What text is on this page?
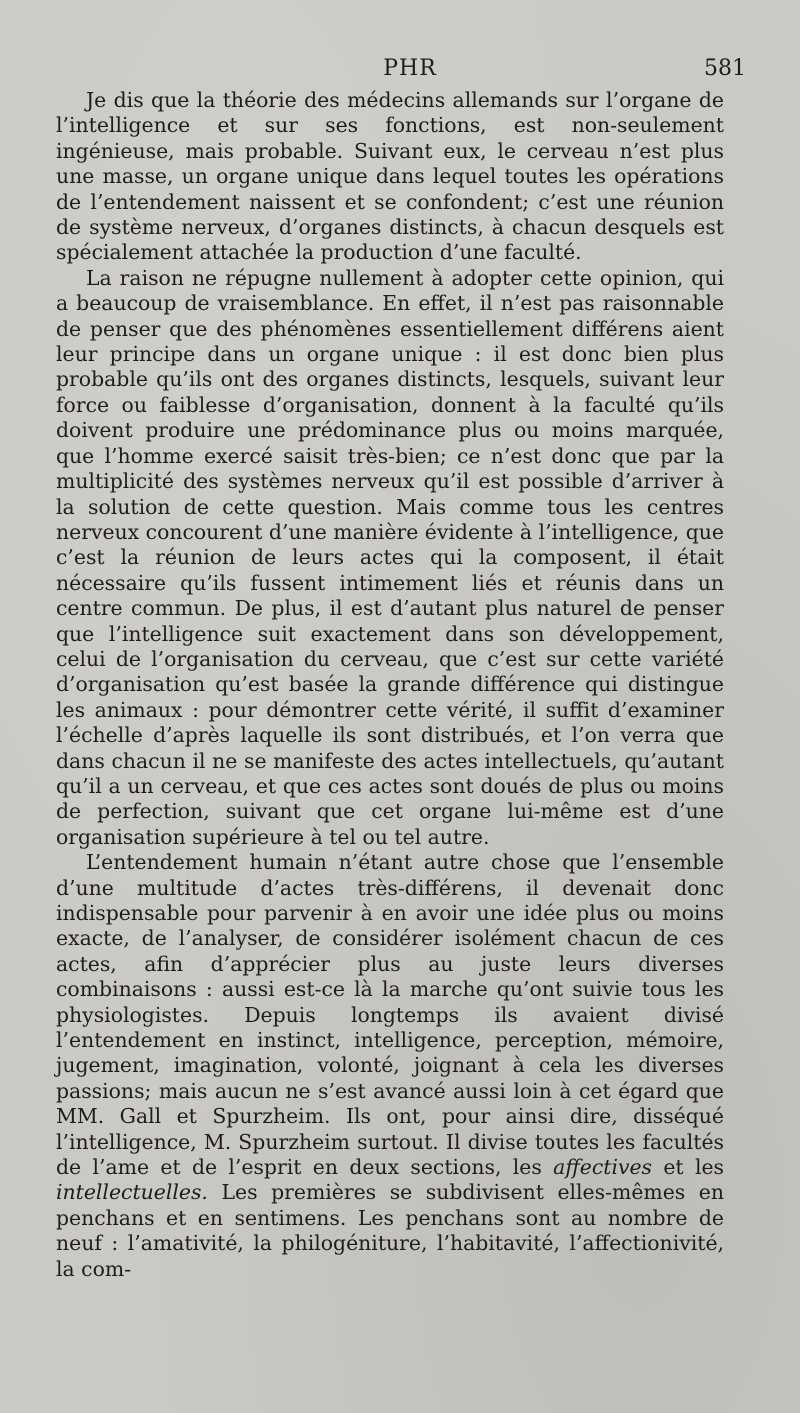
PHR	581

Je dis que la théorie des médecins allemands sur l’organe de l’intelligence et sur ses fonctions, est non-seulement ingénieuse, mais probable. Suivant eux, le cerveau n’est plus une masse, un organe unique dans lequel toutes les opérations de l’entendement naissent et se confondent; c’est une réunion de système nerveux, d’organes distincts, à chacun desquels est spécialement attachée la production d’une faculté.

La raison ne répugne nullement à adopter cette opinion, qui a beaucoup de vraisemblance. En effet, il n’est pas raisonnable de penser que des phénomènes essentiellement différens aient leur principe dans un organe unique : il est donc bien plus probable qu’ils ont des organes distincts, lesquels, suivant leur force ou faiblesse d’organisation, donnent à la faculté qu’ils doivent produire une prédominance plus ou moins marquée, que l’homme exercé saisit très-bien; ce n’est donc que par la multiplicité des systèmes nerveux qu’il est possible d’arriver à la solution de cette question. Mais comme tous les centres nerveux concourent d’une manière évidente à l’intelligence, que c’est la réunion de leurs actes qui la composent, il était nécessaire qu’ils fussent intimement liés et réunis dans un centre commun. De plus, il est d’autant plus naturel de penser que l’intelligence suit exactement dans son développement, celui de l’organisation du cerveau, que c’est sur cette variété d’organisation qu’est basée la grande différence qui distingue les animaux : pour démontrer cette vérité, il suffit d’examiner l’échelle d’après laquelle ils sont distribués, et l’on verra que dans chacun il ne se manifeste des actes intellectuels, qu’autant qu’il a un cerveau, et que ces actes sont doués de plus ou moins de perfection, suivant que cet organe lui-même est d’une organisation supérieure à tel ou tel autre.

L’entendement humain n’étant autre chose que l’ensemble d’une multitude d’actes très-différens, il devenait donc indispensable pour parvenir à en avoir une idée plus ou moins exacte, de l’analyser, de considérer isolément chacun de ces actes, afin d’apprécier plus au juste leurs diverses combinaisons : aussi est-ce là la marche qu’ont suivie tous les physiologistes. Depuis longtemps ils avaient divisé l’entendement en instinct, intelligence, perception, mémoire, jugement, imagination, volonté, joignant à cela les diverses passions; mais aucun ne s’est avancé aussi loin à cet égard que MM. Gall et Spurzheim. Ils ont, pour ainsi dire, disséqué l’intelligence, M. Spurzheim surtout. Il divise toutes les facultés de l’ame et de l’esprit en deux sections, les affectives et les intellectuelles. Les premières se subdivisent elles-mêmes en penchans et en sentimens. Les penchans sont au nombre de neuf : l’amativité, la philogéniture, l’habitavité, l’affectionivité, la com-
